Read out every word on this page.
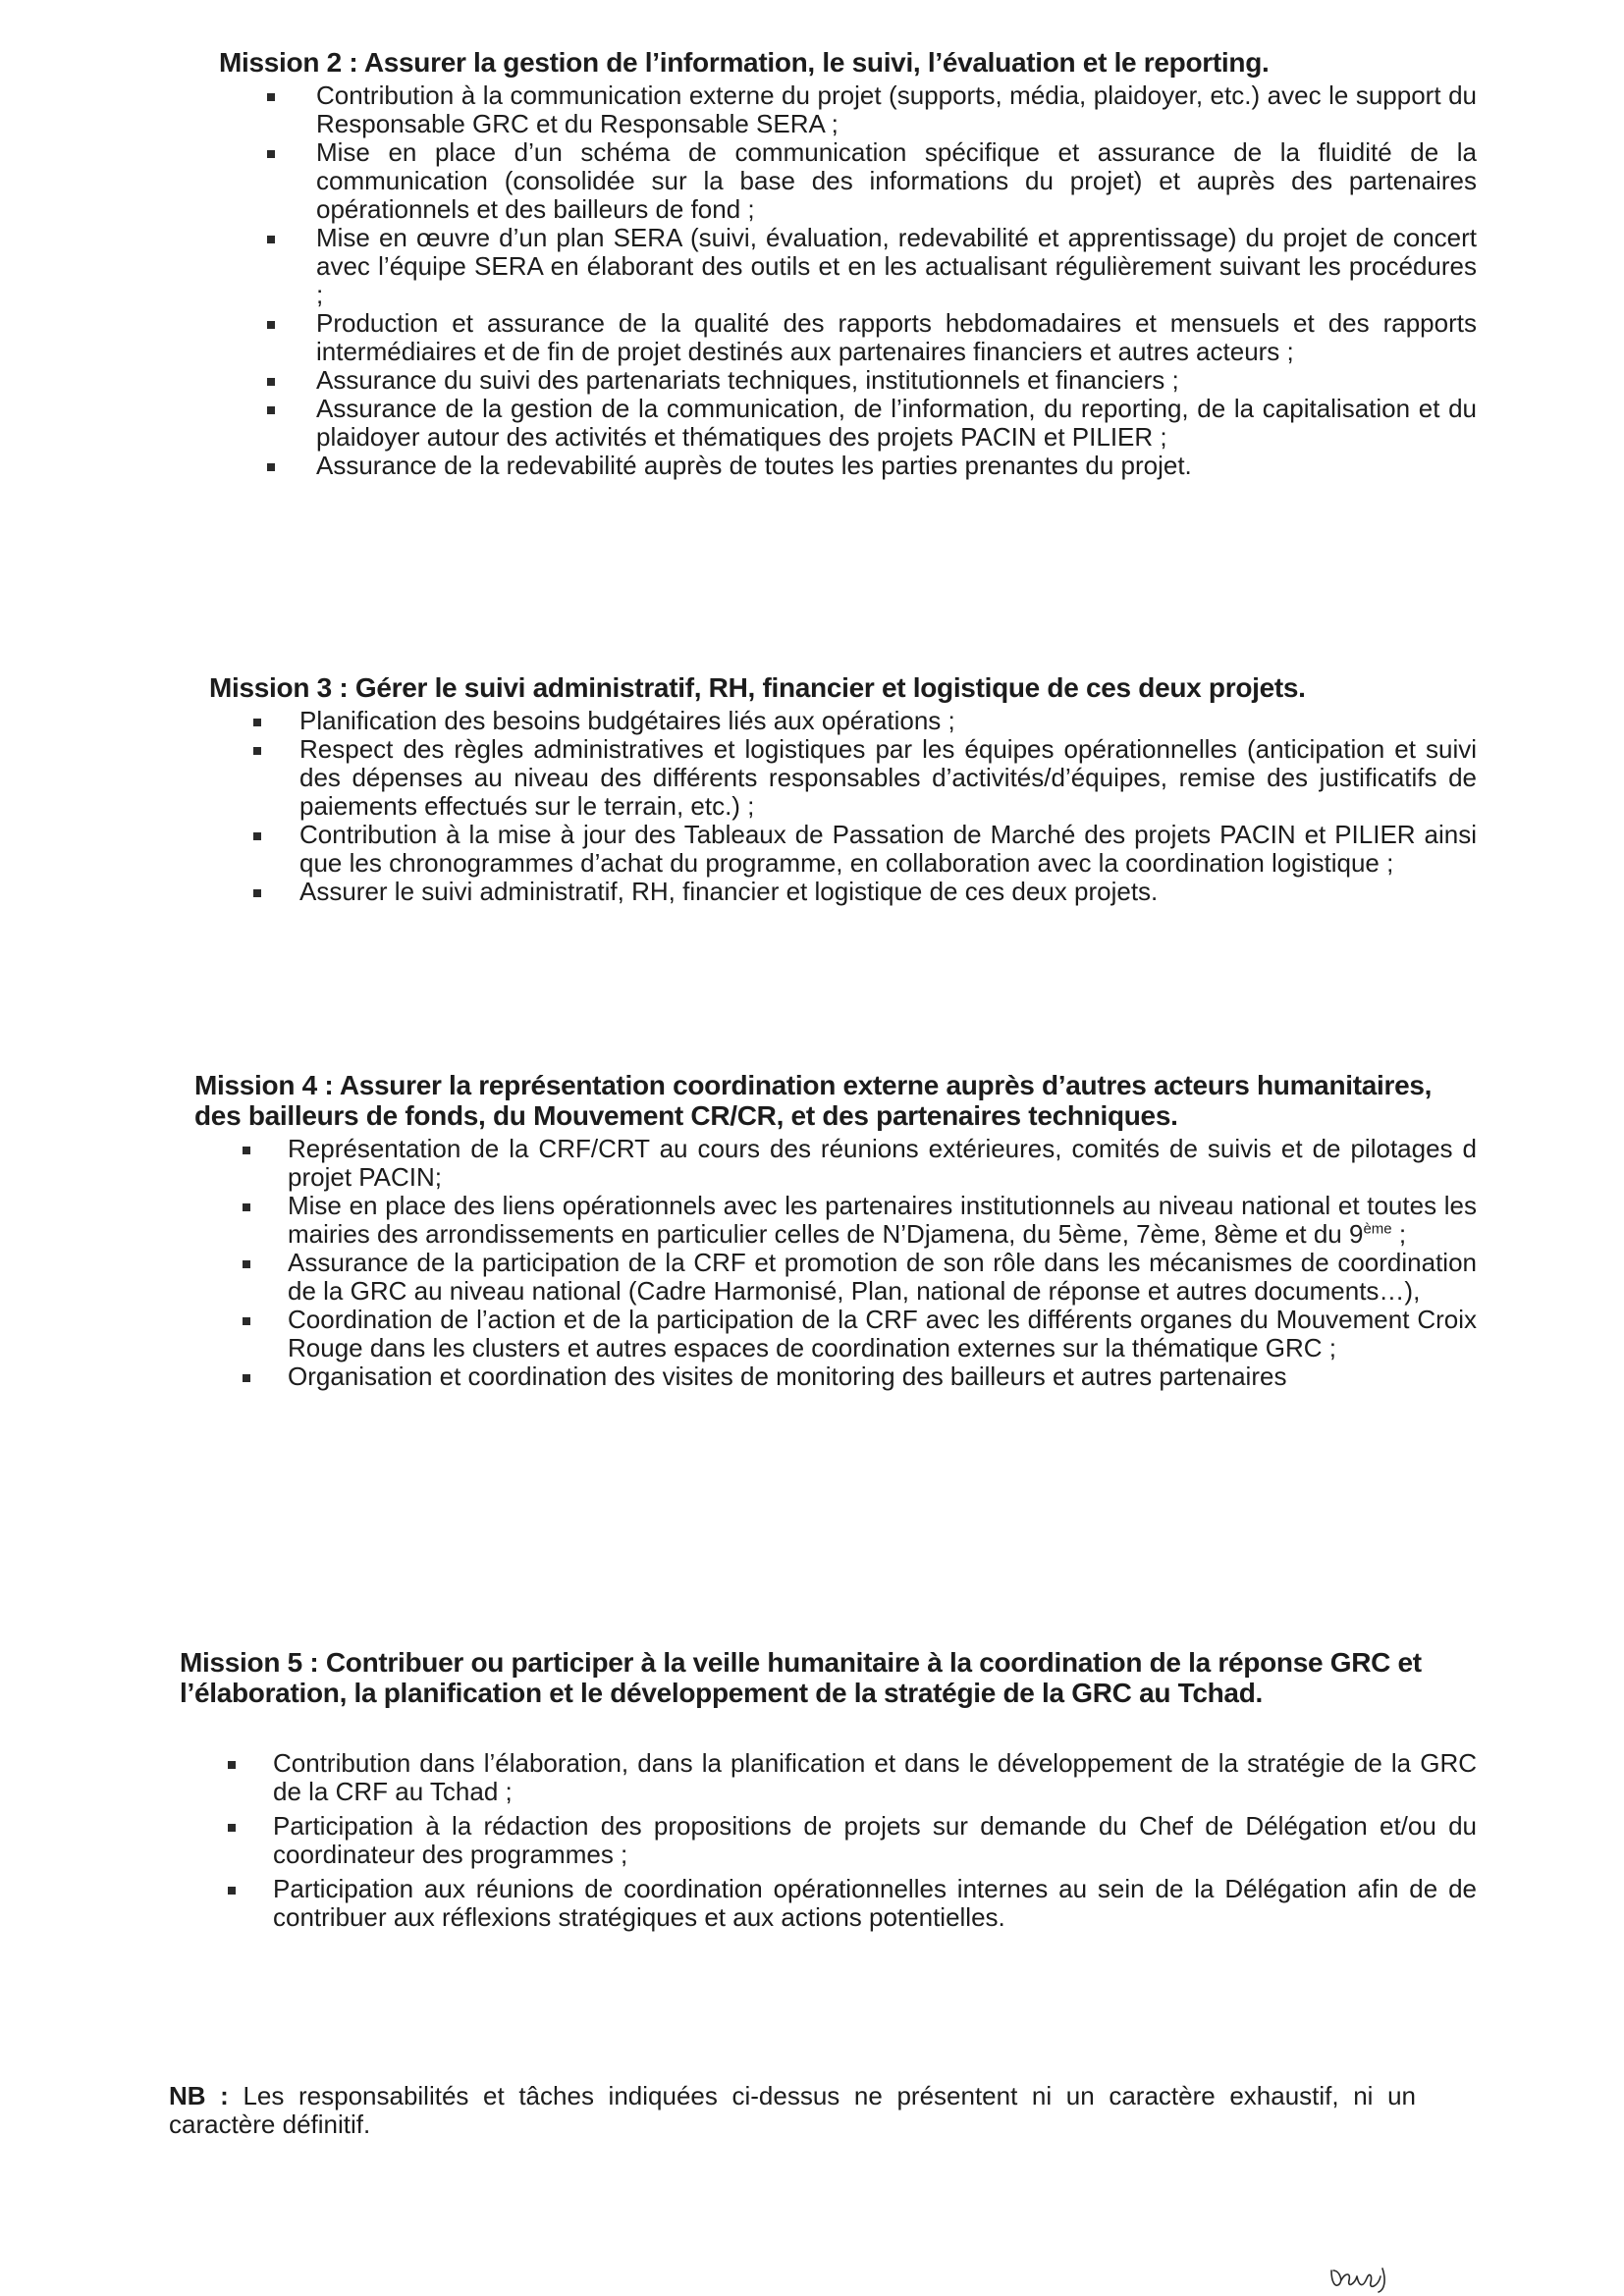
Mission 2 : Assurer la gestion de l’information, le suivi, l’évaluation et le reporting.
Contribution à la communication externe du projet (supports, média, plaidoyer, etc.) avec le support du Responsable GRC et du Responsable SERA ;
Mise en place d’un schéma de communication spécifique et assurance de la fluidité de la communication (consolidée sur la base des informations du projet) et auprès des partenaires opérationnels et des bailleurs de fond ;
Mise en œuvre d’un plan SERA (suivi, évaluation, redevabilité et apprentissage) du projet de concert avec l’équipe SERA en élaborant des outils et en les actualisant régulièrement suivant les procédures ;
Production et assurance de la qualité des rapports hebdomadaires et mensuels et des rapports intermédiaires et de fin de projet destinés aux partenaires financiers et autres acteurs ;
Assurance du suivi des partenariats techniques, institutionnels et financiers ;
Assurance de la gestion de la communication, de l’information, du reporting, de la capitalisation et du plaidoyer autour des activités et thématiques des projets PACIN et PILIER ;
Assurance de la redevabilité auprès de toutes les parties prenantes du projet.
Mission 3 : Gérer le suivi administratif, RH, financier et logistique de ces deux projets.
Planification des besoins budgétaires liés aux opérations ;
Respect des règles administratives et logistiques par les équipes opérationnelles (anticipation et suivi des dépenses au niveau des différents responsables d’activités/d’équipes, remise des justificatifs de paiements effectués sur le terrain, etc.) ;
Contribution à la mise à jour des Tableaux de Passation de Marché des projets PACIN et PILIER ainsi que les chronogrammes d’achat du programme, en collaboration avec la coordination logistique ;
Assurer le suivi administratif, RH, financier et logistique de ces deux projets.
Mission 4 : Assurer la représentation coordination externe auprès d’autres acteurs humanitaires, des bailleurs de fonds, du Mouvement CR/CR, et des partenaires techniques.
Représentation de la CRF/CRT au cours des réunions extérieures, comités de suivis et de pilotages d projet PACIN;
Mise en place des liens opérationnels avec les partenaires institutionnels au niveau national et toutes les mairies des arrondissements en particulier celles de N’Djamena, du 5ème, 7ème, 8ème et du 9ème ;
Assurance de la participation de la CRF et promotion de son rôle dans les mécanismes de coordination de la GRC au niveau national (Cadre Harmonisé, Plan, national de réponse et autres documents…),
Coordination de l’action et de la participation de la CRF avec les différents organes du Mouvement Croix Rouge dans les clusters et autres espaces de coordination externes sur la thématique GRC ;
Organisation et coordination des visites de monitoring des bailleurs et autres partenaires
Mission 5 : Contribuer ou participer à la veille humanitaire à la coordination de la réponse GRC et l’élaboration, la planification et le développement de la stratégie de la GRC au Tchad.
Contribution dans l’élaboration, dans la planification et dans le développement de la stratégie de la GRC de la CRF au Tchad ;
Participation à la rédaction des propositions de projets sur demande du Chef de Délégation et/ou du coordinateur des programmes ;
Participation aux réunions de coordination opérationnelles internes au sein de la Délégation afin de de contribuer aux réflexions stratégiques et aux actions potentielles.

NB : Les responsabilités et tâches indiquées ci-dessus ne présentent ni un caractère exhaustif, ni un caractère définitif.
